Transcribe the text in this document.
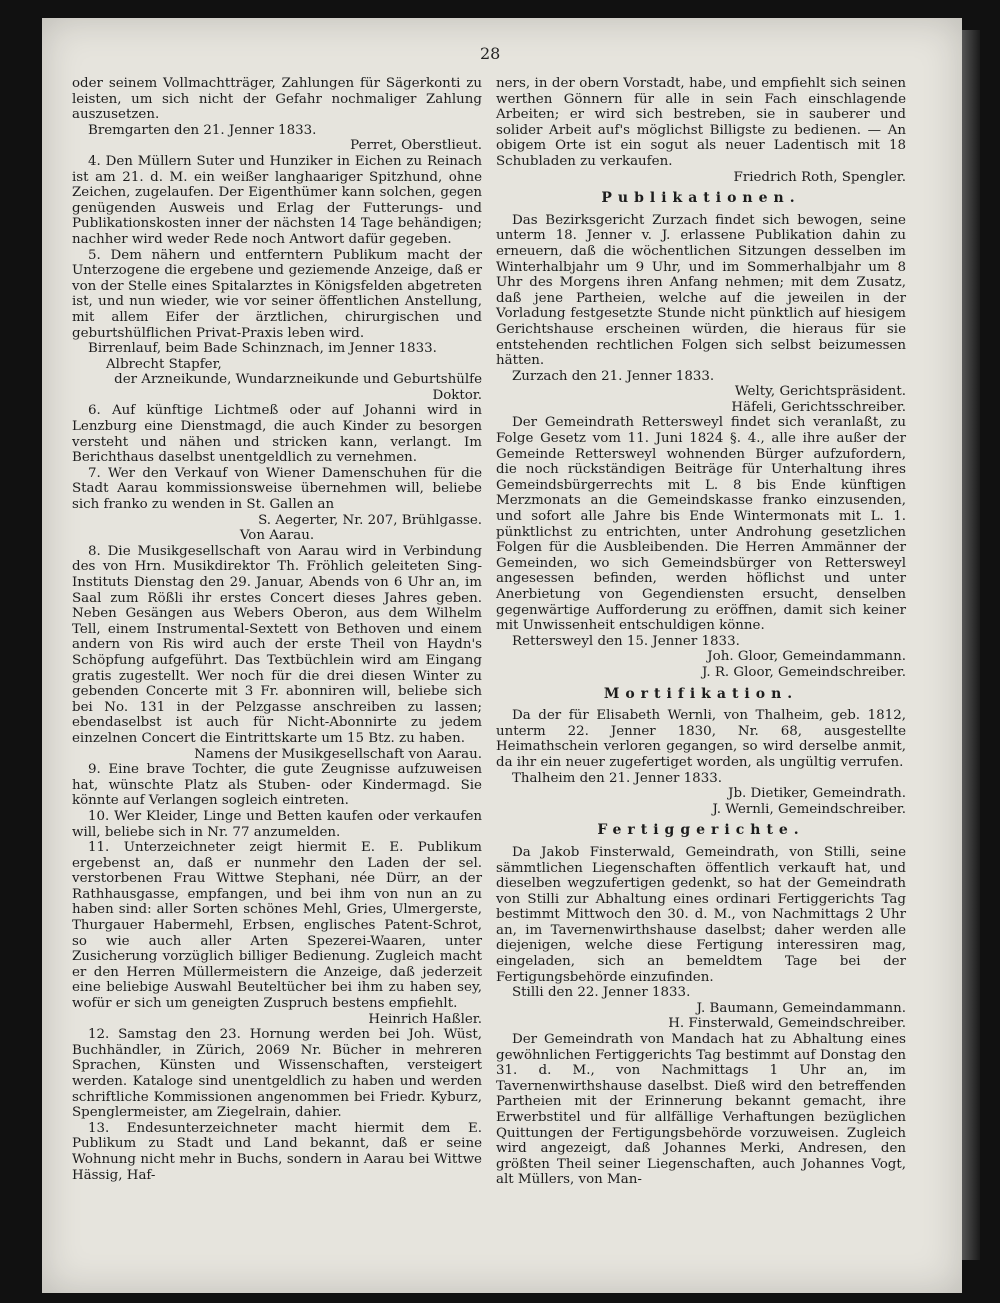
28

oder seinem Vollmachtträger, Zahlungen für Sägerkonti zu leisten, um sich nicht der Gefahr nochmaliger Zahlung auszusetzen.

Bremgarten den 21. Jenner 1833.

Perret, Oberstlieut.

4. Den Müllern Suter und Hunziker in Eichen zu Reinach ist am 21. d. M. ein weißer langhaariger Spitzhund, ohne Zeichen, zugelaufen. Der Eigenthümer kann solchen, gegen genügenden Ausweis und Erlag der Futterungs- und Publikationskosten inner der nächsten 14 Tage behändigen; nachher wird weder Rede noch Antwort dafür gegeben.

5. Dem nähern und entferntern Publikum macht der Unterzogene die ergebene und geziemende Anzeige, daß er von der Stelle eines Spitalarztes in Königsfelden abgetreten ist, und nun wieder, wie vor seiner öffentlichen Anstellung, mit allem Eifer der ärztlichen, chirurgischen und geburtshülflichen Privat-Praxis leben wird.

Birrenlauf, beim Bade Schinznach, im Jenner 1833.

Albrecht Stapfer,

der Arzneikunde, Wundarzneikunde und Geburtshülfe Doktor.

6. Auf künftige Lichtmeß oder auf Johanni wird in Lenzburg eine Dienstmagd, die auch Kinder zu besorgen versteht und nähen und stricken kann, verlangt. Im Berichthaus daselbst unentgeldlich zu vernehmen.

7. Wer den Verkauf von Wiener Damenschuhen für die Stadt Aarau kommissionsweise übernehmen will, beliebe sich franko zu wenden in St. Gallen an

S. Aegerter, Nr. 207, Brühlgasse.

Von Aarau.

8. Die Musikgesellschaft von Aarau wird in Verbindung des von Hrn. Musikdirektor Th. Fröhlich geleiteten Sing-Instituts Dienstag den 29. Januar, Abends von 6 Uhr an, im Saal zum Rößli ihr erstes Concert dieses Jahres geben. Neben Gesängen aus Webers Oberon, aus dem Wilhelm Tell, einem Instrumental-Sextett von Bethoven und einem andern von Ris wird auch der erste Theil von Haydn's Schöpfung aufgeführt. Das Textbüchlein wird am Eingang gratis zugestellt. Wer noch für die drei diesen Winter zu gebenden Concerte mit 3 Fr. abonniren will, beliebe sich bei No. 131 in der Pelzgasse anschreiben zu lassen; ebendaselbst ist auch für Nicht-Abonnirte zu jedem einzelnen Concert die Eintrittskarte um 15 Btz. zu haben.

Namens der Musikgesellschaft von Aarau.

9. Eine brave Tochter, die gute Zeugnisse aufzuweisen hat, wünschte Platz als Stuben- oder Kindermagd. Sie könnte auf Verlangen sogleich eintreten.

10. Wer Kleider, Linge und Betten kaufen oder verkaufen will, beliebe sich in Nr. 77 anzumelden.

11. Unterzeichneter zeigt hiermit E. E. Publikum ergebenst an, daß er nunmehr den Laden der sel. verstorbenen Frau Wittwe Stephani, née Dürr, an der Rathhausgasse, empfangen, und bei ihm von nun an zu haben sind: aller Sorten schönes Mehl, Gries, Ulmergerste, Thurgauer Habermehl, Erbsen, englisches Patent-Schrot, so wie auch aller Arten Spezerei-Waaren, unter Zusicherung vorzüglich billiger Bedienung. Zugleich macht er den Herren Müllermeistern die Anzeige, daß jederzeit eine beliebige Auswahl Beuteltücher bei ihm zu haben sey, wofür er sich um geneigten Zuspruch bestens empfiehlt.

Heinrich Haßler.

12. Samstag den 23. Hornung werden bei Joh. Wüst, Buchhändler, in Zürich, 2069 Nr. Bücher in mehreren Sprachen, Künsten und Wissenschaften, versteigert werden. Kataloge sind unentgeldlich zu haben und werden schriftliche Kommissionen angenommen bei Friedr. Kyburz, Spenglermeister, am Ziegelrain, dahier.

13. Endesunterzeichneter macht hiermit dem E. Publikum zu Stadt und Land bekannt, daß er seine Wohnung nicht mehr in Buchs, sondern in Aarau bei Wittwe Hässig, Haf-

ners, in der obern Vorstadt, habe, und empfiehlt sich seinen werthen Gönnern für alle in sein Fach einschlagende Arbeiten; er wird sich bestreben, sie in sauberer und solider Arbeit auf's möglichst Billigste zu bedienen. — An obigem Orte ist ein sogut als neuer Ladentisch mit 18 Schubladen zu verkaufen.

Friedrich Roth, Spengler.

Publikationen.

Das Bezirksgericht Zurzach findet sich bewogen, seine unterm 18. Jenner v. J. erlassene Publikation dahin zu erneuern, daß die wöchentlichen Sitzungen desselben im Winterhalbjahr um 9 Uhr, und im Sommerhalbjahr um 8 Uhr des Morgens ihren Anfang nehmen; mit dem Zusatz, daß jene Partheien, welche auf die jeweilen in der Vorladung festgesetzte Stunde nicht pünktlich auf hiesigem Gerichtshause erscheinen würden, die hieraus für sie entstehenden rechtlichen Folgen sich selbst beizumessen hätten.

Zurzach den 21. Jenner 1833.

Welty, Gerichtspräsident.

Häfeli, Gerichtsschreiber.

Der Gemeindrath Rettersweyl findet sich veranlaßt, zu Folge Gesetz vom 11. Juni 1824 §. 4., alle ihre außer der Gemeinde Rettersweyl wohnenden Bürger aufzufordern, die noch rückständigen Beiträge für Unterhaltung ihres Gemeindsbürgerrechts mit L. 8 bis Ende künftigen Merzmonats an die Gemeindskasse franko einzusenden, und sofort alle Jahre bis Ende Wintermonats mit L. 1. pünktlichst zu entrichten, unter Androhung gesetzlichen Folgen für die Ausbleibenden. Die Herren Ammänner der Gemeinden, wo sich Gemeindsbürger von Rettersweyl angesessen befinden, werden höflichst und unter Anerbietung von Gegendiensten ersucht, denselben gegenwärtige Aufforderung zu eröffnen, damit sich keiner mit Unwissenheit entschuldigen könne.

Rettersweyl den 15. Jenner 1833.

Joh. Gloor, Gemeindammann.

J. R. Gloor, Gemeindschreiber.

Mortifikation.

Da der für Elisabeth Wernli, von Thalheim, geb. 1812, unterm 22. Jenner 1830, Nr. 68, ausgestellte Heimathschein verloren gegangen, so wird derselbe anmit, da ihr ein neuer zugefertiget worden, als ungültig verrufen.

Thalheim den 21. Jenner 1833.

Jb. Dietiker, Gemeindrath.

J. Wernli, Gemeindschreiber.

Fertiggerichte.

Da Jakob Finsterwald, Gemeindrath, von Stilli, seine sämmtlichen Liegenschaften öffentlich verkauft hat, und dieselben wegzufertigen gedenkt, so hat der Gemeindrath von Stilli zur Abhaltung eines ordinari Fertiggerichts Tag bestimmt Mittwoch den 30. d. M., von Nachmittags 2 Uhr an, im Tavernenwirthshause daselbst; daher werden alle diejenigen, welche diese Fertigung interessiren mag, eingeladen, sich an bemeldtem Tage bei der Fertigungsbehörde einzufinden.

Stilli den 22. Jenner 1833.

J. Baumann, Gemeindammann.

H. Finsterwald, Gemeindschreiber.

Der Gemeindrath von Mandach hat zu Abhaltung eines gewöhnlichen Fertiggerichts Tag bestimmt auf Donstag den 31. d. M., von Nachmittags 1 Uhr an, im Tavernenwirthshause daselbst. Dieß wird den betreffenden Partheien mit der Erinnerung bekannt gemacht, ihre Erwerbstitel und für allfällige Verhaftungen bezüglichen Quittungen der Fertigungsbehörde vorzuweisen. Zugleich wird angezeigt, daß Johannes Merki, Andresen, den größten Theil seiner Liegenschaften, auch Johannes Vogt, alt Müllers, von Man-
